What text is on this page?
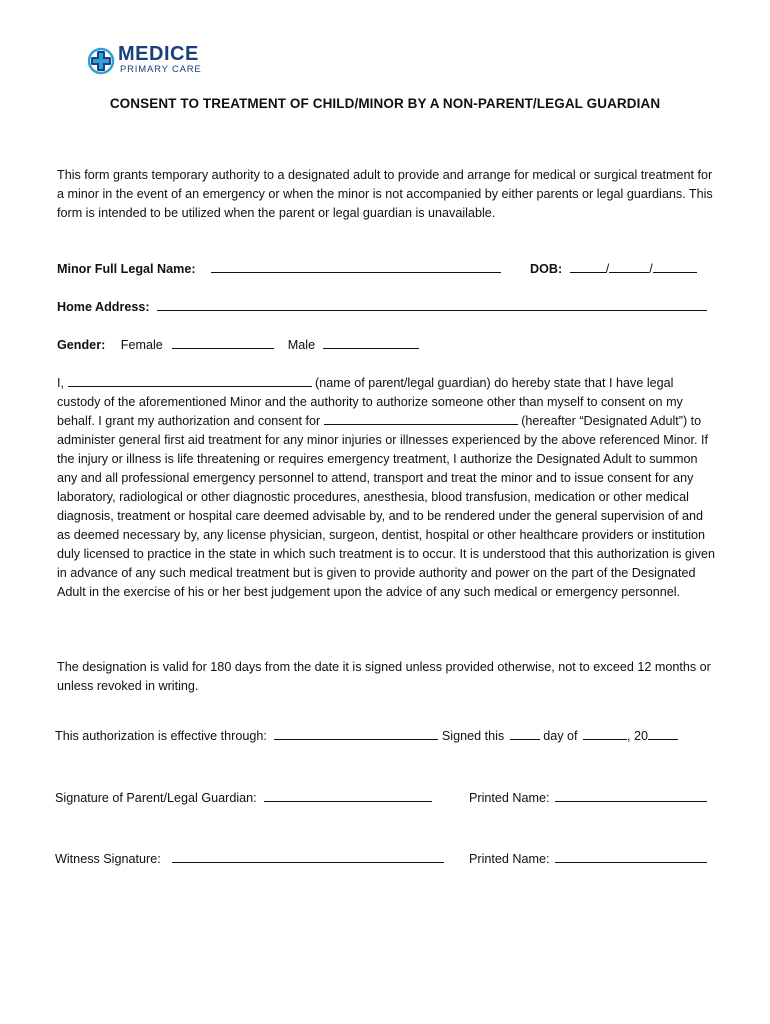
MEDICE
PRIMARY CARE
CONSENT TO TREATMENT OF CHILD/MINOR BY A NON-PARENT/LEGAL GUARDIAN

This form grants temporary authority to a designated adult to provide and arrange for medical or surgical treatment for a minor in the event of an emergency or when the minor is not accompanied by either parents or legal guardians. This form is intended to be utilized when the parent or legal guardian is unavailable.

Minor Full Legal Name:	DOB:	/	/
Home Address:
Gender: Female	Male

I,	(name of parent/legal guardian) do hereby state that I have legal custody of the aforementioned Minor and the authority to authorize someone other than myself to consent on my behalf. I grant my authorization and consent for	(hereafter “Designated Adult”) to administer general first aid treatment for any minor injuries or illnesses experienced by the above referenced Minor. If the injury or illness is life threatening or requires emergency treatment, I authorize the Designated Adult to summon any and all professional emergency personnel to attend, transport and treat the minor and to issue consent for any laboratory, radiological or other diagnostic procedures, anesthesia, blood transfusion, medication or other medical diagnosis, treatment or hospital care deemed advisable by, and to be rendered under the general supervision of and as deemed necessary by, any license physician, surgeon, dentist, hospital or other healthcare providers or institution duly licensed to practice in the state in which such treatment is to occur. It is understood that this authorization is given in advance of any such medical treatment but is given to provide authority and power on the part of the Designated Adult in the exercise of his or her best judgement upon the advice of any such medical or emergency personnel.

The designation is valid for 180 days from the date it is signed unless provided otherwise, not to exceed 12 months or unless revoked in writing.

This authorization is effective through:	Signed this	day of	, 20
Signature of Parent/Legal Guardian:	Printed Name:
Witness Signature:	Printed Name:
